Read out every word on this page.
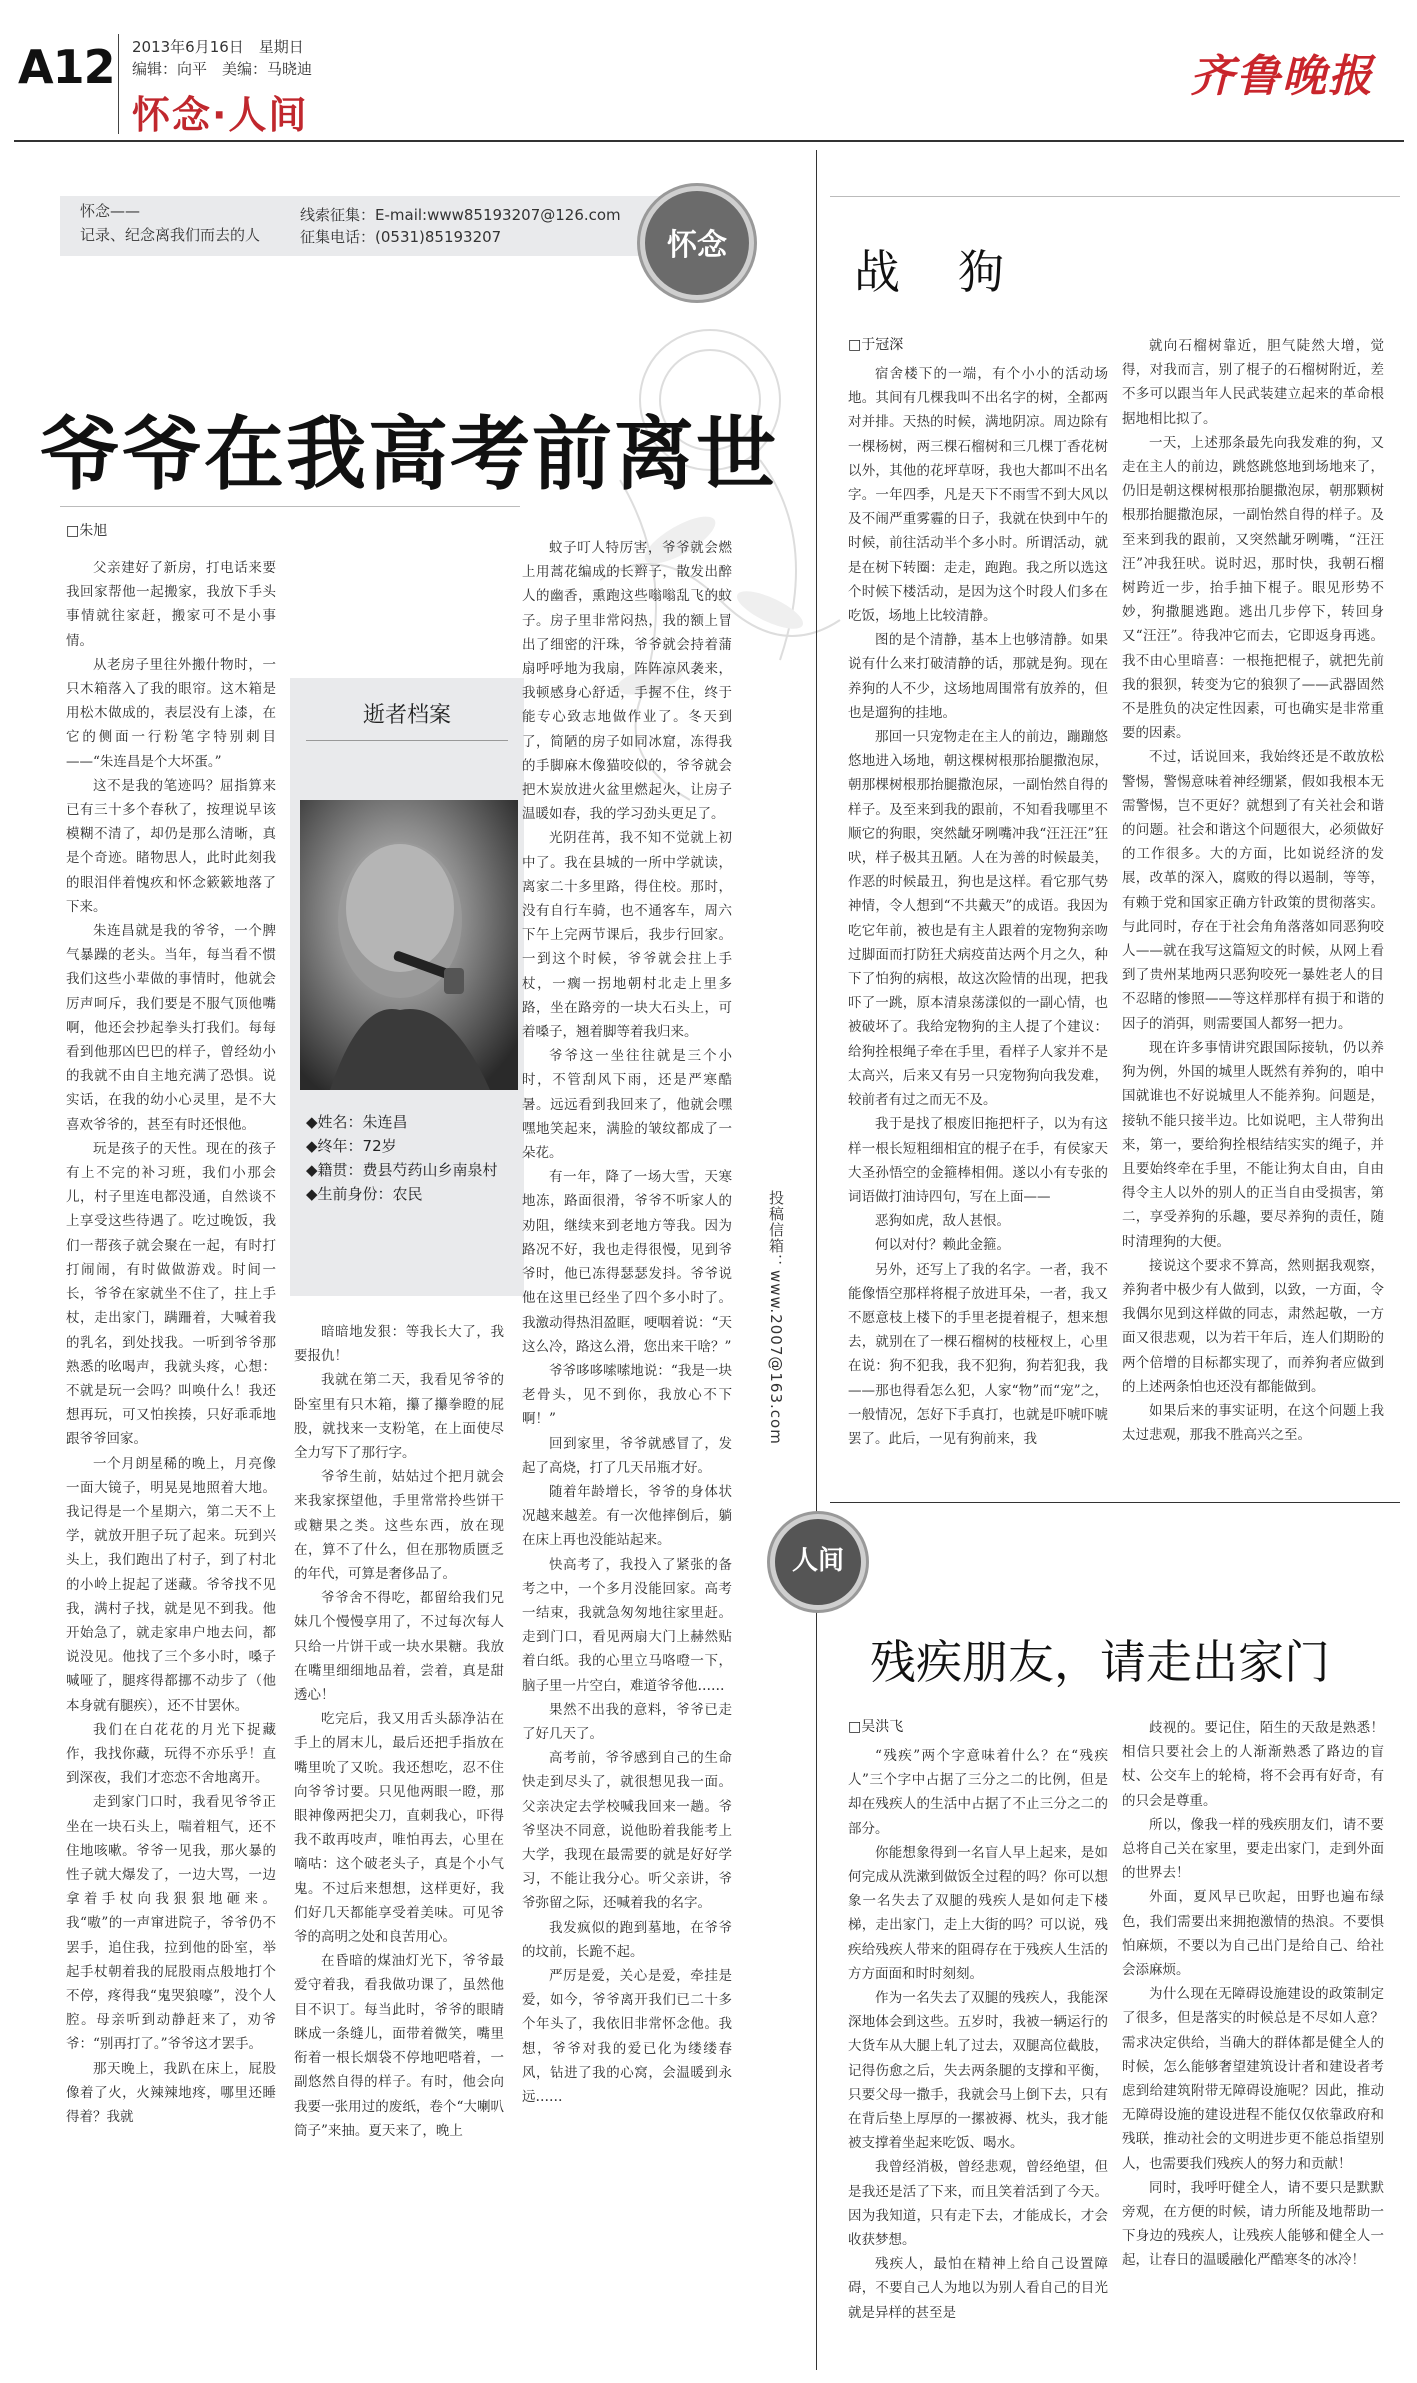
A12 2013年6月16日　星期日
编辑：向平　美编：马晓迪
怀念·人间
齐鲁晚报
怀念——
记录、纪念离我们而去的人
线索征集：E-mail:www85193207@126.com
征集电话：(0531)85193207	怀念
爷爷在我高考前离世
□朱旭

父亲建好了新房，打电话来要我回家帮他一起搬家，我放下手头事情就往家赶，搬家可不是小事情。

从老房子里往外搬什物时，一只木箱落入了我的眼帘。这木箱是用松木做成的，表层没有上漆，在它的侧面一行粉笔字特别刺目——“朱连昌是个大坏蛋。”

这不是我的笔迹吗？屈指算来已有三十多个春秋了，按理说早该模糊不清了，却仍是那么清晰，真是个奇迹。睹物思人，此时此刻我的眼泪伴着愧疚和怀念簌簌地落了下来。

朱连昌就是我的爷爷，一个脾气暴躁的老头。当年，每当看不惯我们这些小辈做的事情时，他就会厉声呵斥，我们要是不服气顶他嘴啊，他还会抄起拳头打我们。每每看到他那凶巴巴的样子，曾经幼小的我就不由自主地充满了恐惧。说实话，在我的幼小心灵里，是不大喜欢爷爷的，甚至有时还恨他。

玩是孩子的天性。现在的孩子有上不完的补习班，我们小那会儿，村子里连电都没通，自然谈不上享受这些待遇了。吃过晚饭，我们一帮孩子就会聚在一起，有时打打闹闹，有时做做游戏。时间一长，爷爷在家就坐不住了，拄上手杖，走出家门，蹒跚着，大喊着我的乳名，到处找我。一听到爷爷那熟悉的吆喝声，我就头疼，心想：不就是玩一会吗？叫唤什么！我还想再玩，可又怕挨揍，只好乖乖地跟爷爷回家。

一个月朗星稀的晚上，月亮像一面大镜子，明晃晃地照着大地。我记得是一个星期六，第二天不上学，就放开胆子玩了起来。玩到兴头上，我们跑出了村子，到了村北的小岭上捉起了迷藏。爷爷找不见我，满村子找，就是见不到我。他开始急了，就走家串户地去问，都说没见。他找了三个多小时，嗓子喊哑了，腿疼得都挪不动步了（他本身就有腿疾），还不甘罢休。

我们在白花花的月光下捉藏作，我找你藏，玩得不亦乐乎！直到深夜，我们才恋恋不舍地离开。

走到家门口时，我看见爷爷正坐在一块石头上，喘着粗气，还不住地咳嗽。爷爷一见我，那火暴的性子就大爆发了，一边大骂，一边拿着手杖向我狠狠地砸来。我“嗷”的一声窜进院子，爷爷仍不罢手，追住我，拉到他的卧室，举起手杖朝着我的屁股雨点般地打个不停，疼得我“鬼哭狼嚎”，没个人腔。母亲听到动静赶来了，劝爷爷：“别再打了。”爷爷这才罢手。

那天晚上，我趴在床上，屁股像着了火，火辣辣地疼，哪里还睡得着？我就

逝者档案
◆姓名：朱连昌
◆终年：72岁
◆籍贯：费县芍药山乡南泉村
◆生前身份：农民

暗暗地发狠：等我长大了，我要报仇！

我就在第二天，我看见爷爷的卧室里有只木箱，攥了攥拳瞪的屁股，就找来一支粉笔，在上面使尽全力写下了那行字。

爷爷生前，姑姑过个把月就会来我家探望他，手里常常拎些饼干或糖果之类。这些东西，放在现在，算不了什么，但在那物质匮乏的年代，可算是奢侈品了。

爷爷舍不得吃，都留给我们兄妹几个慢慢享用了，不过每次每人只给一片饼干或一块水果糖。我放在嘴里细细地品着，尝着，真是甜透心！

吃完后，我又用舌头舔净沾在手上的屑末儿，最后还把手指放在嘴里吮了又吮。我还想吃，忍不住向爷爷讨要。只见他两眼一瞪，那眼神像两把尖刀，直刺我心，吓得我不敢再吱声，唯怕再去，心里在嘀咕：这个破老头子，真是个小气鬼。不过后来想想，这样更好，我们好几天都能享受着美味。可见爷爷的高明之处和良苦用心。

在昏暗的煤油灯光下，爷爷最爱守着我，看我做功课了，虽然他目不识丁。每当此时，爷爷的眼睛眯成一条缝儿，面带着微笑，嘴里衔着一根长烟袋不停地吧嗒着，一副悠然自得的样子。有时，他会向我要一张用过的废纸，卷个“大喇叭筒子”来抽。夏天来了，晚上

蚊子叮人特厉害，爷爷就会燃上用蒿花编成的长辫子，散发出醉人的幽香，熏跑这些嗡嗡乱飞的蚊子。房子里非常闷热，我的额上冒出了细密的汗珠，爷爷就会持着蒲扇呼呼地为我扇，阵阵凉风袭来，我顿感身心舒适，手握不住，终于能专心致志地做作业了。冬天到了，简陋的房子如同冰窟，冻得我的手脚麻木像猫咬似的，爷爷就会把木炭放进火盆里燃起火，让房子温暖如春，我的学习劲头更足了。

光阴荏苒，我不知不觉就上初中了。我在县城的一所中学就读，离家二十多里路，得住校。那时，没有自行车骑，也不通客车，周六下午上完两节课后，我步行回家。一到这个时候，爷爷就会拄上手杖，一瘸一拐地朝村北走上里多路，坐在路旁的一块大石头上，可着嗓子，翘着脚等着我归来。

爷爷这一坐往往就是三个小时，不管刮风下雨，还是严寒酷暑。远远看到我回来了，他就会嘿嘿地笑起来，满脸的皱纹都成了一朵花。

有一年，降了一场大雪，天寒地冻，路面很滑，爷爷不听家人的劝阻，继续来到老地方等我。因为路况不好，我也走得很慢，见到爷爷时，他已冻得瑟瑟发抖。爷爷说他在这里已经坐了四个多小时了。我激动得热泪盈眶，哽咽着说：“天这么冷，路这么滑，您出来干啥？”

爷爷哆哆嗦嗦地说：“我是一块老骨头，见不到你，我放心不下啊！”

回到家里，爷爷就感冒了，发起了高烧，打了几天吊瓶才好。

随着年龄增长，爷爷的身体状况越来越差。有一次他摔倒后，躺在床上再也没能站起来。

快高考了，我投入了紧张的备考之中，一个多月没能回家。高考一结束，我就急匆匆地往家里赶。走到门口，看见两扇大门上赫然贴着白纸。我的心里立马咯噔一下，脑子里一片空白，难道爷爷他……

果然不出我的意料，爷爷已走了好几天了。

高考前，爷爷感到自己的生命快走到尽头了，就很想见我一面。父亲决定去学校喊我回来一趟。爷爷坚决不同意，说他盼着我能考上大学，我现在最需要的就是好好学习，不能让我分心。听父亲讲，爷爷弥留之际，还喊着我的名字。

我发疯似的跑到墓地，在爷爷的坟前，长跪不起。

严厉是爱，关心是爱，牵挂是爱，如今，爷爷离开我们已二十多个年头了，我依旧非常怀念他。我想，爷爷对我的爱已化为缕缕春风，钻进了我的心窝，会温暖到永远……

投稿信箱：www.2007@163.com
人间
战　狗
□于冠深

宿舍楼下的一端，有个小小的活动场地。其间有几棵我叫不出名字的树，全都两对并排。天热的时候，满地阴凉。周边除有一棵杨树，两三棵石榴树和三几棵丁香花树以外，其他的花坪草呀，我也大都叫不出名字。一年四季，凡是天下不雨雪不到大风以及不闹严重雾霾的日子，我就在快到中午的时候，前往活动半个多小时。所谓活动，就是在树下转圈：走走，跑跑。我之所以选这个时候下楼活动，是因为这个时段人们多在吃饭，场地上比较清静。

图的是个清静，基本上也够清静。如果说有什么来打破清静的话，那就是狗。现在养狗的人不少，这场地周围常有放养的，但也是遛狗的挂地。

那回一只宠物走在主人的前边，蹦蹦悠悠地进入场地，朝这棵树根那抬腿撒泡尿，朝那棵树根那抬腿撒泡尿，一副怡然自得的样子。及至来到我的跟前，不知看我哪里不顺它的狗眼，突然龇牙咧嘴冲我“汪汪汪”狂吠，样子极其丑陋。人在为善的时候最美，作恶的时候最丑，狗也是这样。看它那气势神情，令人想到“不共戴天”的成语。我因为吃它年前，被也是有主人跟着的宠物狗亲吻过脚面而打防狂犬病疫苗达两个月之久，种下了怕狗的病根，故这次险情的出现，把我吓了一跳，原本清泉荡漾似的一副心情，也被破坏了。我给宠物狗的主人提了个建议：给狗拴根绳子牵在手里，看样子人家并不是太高兴，后来又有另一只宠物狗向我发难，较前者有过之而无不及。

我于是找了根废旧拖把杆子，以为有这样一根长短粗细相宜的棍子在手，有侯家天大圣孙悟空的金箍棒相佣。遂以小有专张的词语做打油诗四句，写在上面——

恶狗如虎，敌人甚恨。

何以对付？赖此金箍。

另外，还写上了我的名字。一者，我不能像悟空那样将棍子放进耳朵，一者，我又不愿意枝上楼下的手里老提着棍子，想来想去，就别在了一棵石榴树的枝桠杈上，心里在说：狗不犯我，我不犯狗，狗若犯我，我——那也得看怎么犯，人家“物”而“宠”之，一般情况，怎好下手真打，也就是吓唬吓唬罢了。此后，一见有狗前来，我

就向石榴树靠近，胆气陡然大增，觉得，对我而言，别了棍子的石榴树附近，差不多可以跟当年人民武装建立起来的革命根据地相比拟了。

一天，上述那条最先向我发难的狗，又走在主人的前边，跳悠跳悠地到场地来了，仍旧是朝这棵树根那抬腿撒泡尿，朝那颗树根那抬腿撒泡尿，一副怡然自得的样子。及至来到我的跟前，又突然龇牙咧嘴，“汪汪汪”冲我狂吠。说时迟，那时快，我朝石榴树跨近一步，抬手抽下棍子。眼见形势不妙，狗撒腿逃跑。逃出几步停下，转回身又“汪汪”。待我冲它而去，它即返身再逃。我不由心里暗喜：一根拖把棍子，就把先前我的狠狈，转变为它的狼狈了——武器固然不是胜负的决定性因素，可也确实是非常重要的因素。

不过，话说回来，我始终还是不敢放松警惕，警惕意味着神经绷紧，假如我根本无需警惕，岂不更好？就想到了有关社会和谐的问题。社会和谐这个问题很大，必须做好的工作很多。大的方面，比如说经济的发展，改革的深入，腐败的得以遏制，等等，有赖于党和国家正确方针政策的贯彻落实。与此同时，存在于社会角角落落如同恶狗咬人——就在我写这篇短文的时候，从网上看到了贵州某地两只恶狗咬死一暴姓老人的目不忍睹的惨照——等这样那样有损于和谐的因子的消弭，则需要国人都努一把力。

现在许多事情讲究跟国际接轨，仍以养狗为例，外国的城里人既然有养狗的，咱中国就谁也不好说城里人不能养狗。问题是，接轨不能只接半边。比如说吧，主人带狗出来，第一，要给狗拴根结结实实的绳子，并且要始终牵在手里，不能让狗太自由，自由得令主人以外的别人的正当自由受损害，第二，享受养狗的乐趣，要尽养狗的责任，随时清理狗的大便。

接说这个要求不算高，然则据我观察，养狗者中极少有人做到，以致，一方面，令我偶尔见到这样做的同志，肃然起敬，一方面又很悲观，以为若干年后，连人们期盼的两个倍增的目标都实现了，而养狗者应做到的上述两条怕也还没有都能做到。

如果后来的事实证明，在这个问题上我太过悲观，那我不胜高兴之至。

残疾朋友，请走出家门
□吴洪飞

“残疾”两个字意味着什么？在“残疾人”三个字中占据了三分之二的比例，但是却在残疾人的生活中占据了不止三分之二的部分。

你能想象得到一名盲人早上起来，是如何完成从洗漱到做饭全过程的吗？你可以想象一名失去了双腿的残疾人是如何走下楼梯，走出家门，走上大街的吗？可以说，残疾给残疾人带来的阻碍存在于残疾人生活的方方面面和时时刻刻。

作为一名失去了双腿的残疾人，我能深深地体会到这些。五岁时，我被一辆运行的大货车从大腿上轧了过去，双腿高位截肢，记得伤愈之后，失去两条腿的支撑和平衡，只要父母一撒手，我就会马上倒下去，只有在背后垫上厚厚的一摞被褥、枕头，我才能被支撑着坐起来吃饭、喝水。

我曾经消极，曾经悲观，曾经绝望，但是我还是活了下来，而且笑着活到了今天。因为我知道，只有走下去，才能成长，才会收获梦想。

残疾人，最怕在精神上给自己设置障碍，不要自己人为地以为别人看自己的目光就是异样的甚至是

歧视的。要记住，陌生的天敌是熟悉！相信只要社会上的人渐渐熟悉了路边的盲杖、公交车上的轮椅，将不会再有好奇，有的只会是尊重。

所以，像我一样的残疾朋友们，请不要总将自己关在家里，要走出家门，走到外面的世界去！

外面，夏风早已吹起，田野也遍布绿色，我们需要出来拥抱激情的热浪。不要惧怕麻烦，不要以为自己出门是给自己、给社会添麻烦。

为什么现在无障碍设施建设的政策制定了很多，但是落实的时候总是不尽如人意？需求决定供给，当确大的群体都是健全人的时候，怎么能够奢望建筑设计者和建设者考虑到给建筑附带无障碍设施呢？因此，推动无障碍设施的建设进程不能仅仅依靠政府和残联，推动社会的文明进步更不能总指望别人，也需要我们残疾人的努力和贡献！

同时，我呼吁健全人，请不要只是默默旁观，在方便的时候，请力所能及地帮助一下身边的残疾人，让残疾人能够和健全人一起，让春日的温暖融化严酷寒冬的冰冷！
